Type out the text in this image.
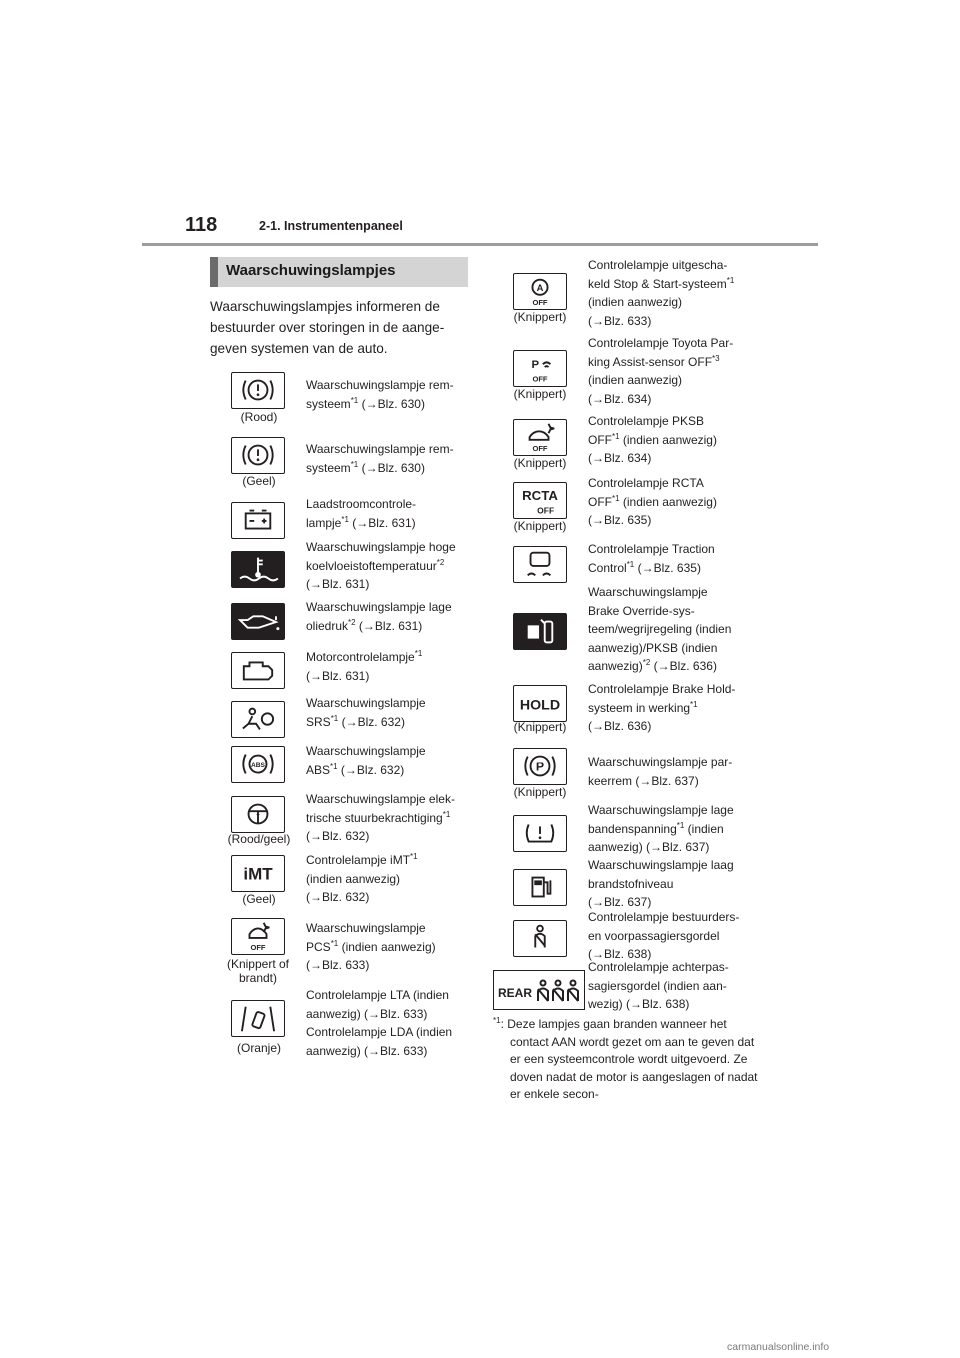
118	2-1. Instrumentenpaneel
Waarschuwingslampjes
Waarschuwingslampjes informeren de bestuurder over storingen in de aange- geven systemen van de auto.
(Rood)
Waarschuwingslampje rem-
systeem$^{*1}$ (→Blz. 630)
(Geel)
Waarschuwingslampje rem-
systeem$^{*1}$ (→Blz. 630)
Laadstroomcontrole-
lampje$^{*1}$ (→Blz. 631)
Waarschuwingslampje hoge
koelvloeistoftemperatuur$^{*2}$
(→Blz. 631)
Waarschuwingslampje lage
oliedruk$^{*2}$ (→Blz. 631)
Motorcontrolelampje$^{*1}$
(→Blz. 631)
Waarschuwingslampje
SRS$^{*1}$ (→Blz. 632)
ABS
Waarschuwingslampje
ABS$^{*1}$ (→Blz. 632)
(Rood/geel)
Waarschuwingslampje elek-
trische stuurbekrachtiging$^{*1}$
(→Blz. 632)
iMT
(Geel)
Controlelampje iMT$^{*1}$
(indien aanwezig)
(→Blz. 632)
OFF
(Knippert of brandt)
Waarschuwingslampje
PCS$^{*1}$ (indien aanwezig)
(→Blz. 633)
(Oranje)
Controlelampje LTA (indien
aanwezig) (→Blz. 633)
Controlelampje LDA (indien
aanwezig) (→Blz. 633)
A
OFF
(Knippert)
Controlelampje uitgescha-
keld Stop & Start-systeem$^{*1}$
(indien aanwezig)
(→Blz. 633)
P
OFF
(Knippert)
Controlelampje Toyota Par-
king Assist-sensor OFF$^{*3}$
(indien aanwezig)
(→Blz. 634)
OFF
(Knippert)
Controlelampje PKSB
OFF$^{*1}$ (indien aanwezig)
(→Blz. 634)
RCTA
OFF
(Knippert)
Controlelampje RCTA
OFF$^{*1}$ (indien aanwezig)
(→Blz. 635)
Controlelampje Traction
Control$^{*1}$ (→Blz. 635)
Waarschuwingslampje
Brake Override-sys-
teem/wegrijregeling (indien
aanwezig)/PKSB (indien
aanwezig)$^{*2}$ (→Blz. 636)
HOLD
(Knippert)
Controlelampje Brake Hold-
systeem in werking$^{*1}$
(→Blz. 636)
P
(Knippert)
Waarschuwingslampje par-
keerrem (→Blz. 637)
Waarschuwingslampje lage
bandenspanning$^{*1}$ (indien
aanwezig) (→Blz. 637)
Waarschuwingslampje laag
brandstofniveau
(→Blz. 637)
Controlelampje bestuurders-
en voorpassagiersgordel
(→Blz. 638)
REAR
Controlelampje achterpas-
sagiersgordel (indien aan-
wezig) (→Blz. 638)
$^{*1}$: Deze lampjes gaan branden wanneer het contact AAN wordt gezet om aan te geven dat er een systeemcontrole wordt uitgevoerd. Ze doven nadat de motor is aangeslagen of nadat er enkele secon-
carmanualsonline.info
